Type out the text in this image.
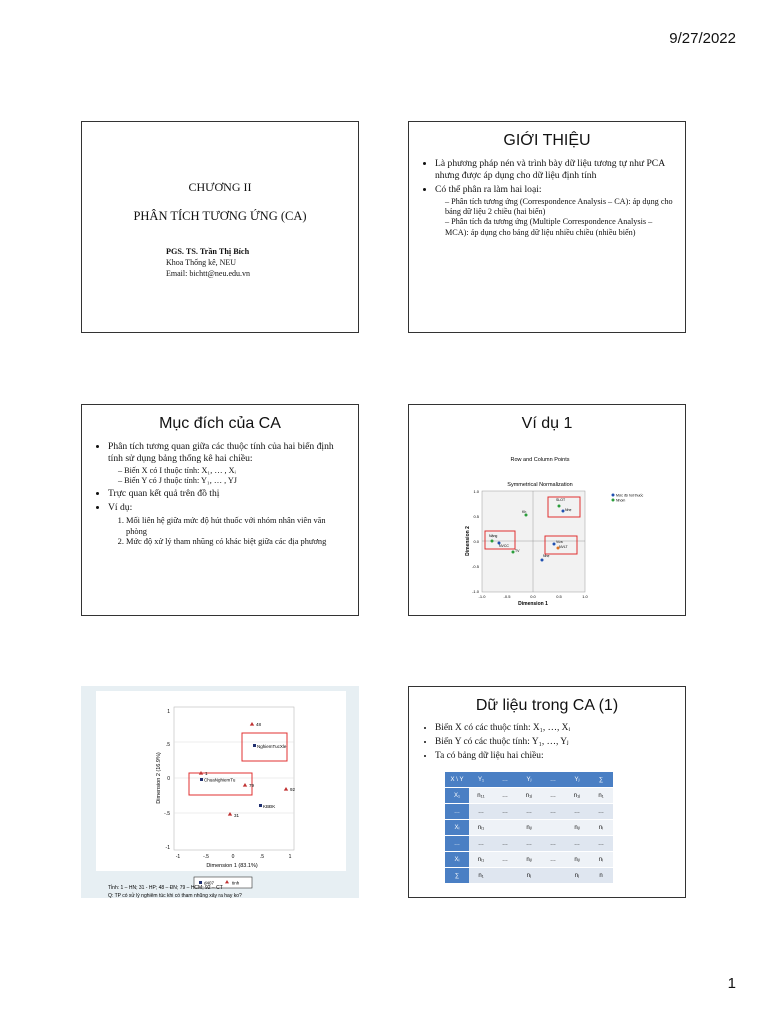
9/27/2022
CHƯƠNG II
PHÂN TÍCH TƯƠNG ỨNG (CA)
PGS. TS. Trần Thị Bích
Khoa Thống kê, NEU
Email: bichtt@neu.edu.vn
GIỚI THIỆU
• Là phương pháp nén và trình bày dữ liệu tương tự như PCA nhưng được áp dụng cho dữ liệu định tính
• Có thể phân ra làm hai loại:
– Phân tích tương ứng (Correspondence Analysis – CA): áp dụng cho bảng dữ liệu 2 chiều (hai biến)
– Phân tích đa tương ứng (Multiple Correspondence Analysis – MCA): áp dụng cho bảng dữ liệu nhiều chiều (nhiều biến)
Mục đích của CA
• Phân tích tương quan giữa các thuộc tính của hai biến định tính sử dụng bảng thống kê hai chiều:
– Biến X có I thuộc tính: X₁, … , Xᵢ
– Biến Y có J thuộc tính: Y₁, … , YJ
• Trực quan kết quả trên đồ thị
• Ví dụ:
1. Mối liên hệ giữa mức độ hút thuốc với nhóm nhân viên văn phòng
2. Mức độ xử lý tham nhũng có khác biệt giữa các địa phương
Ví dụ 1
Row and Column Points
Symmetrical Normalization
-1.0	-0.5	0.0	0.5	1.0
1.0
0.5
0.0
-0.5
-1.0
Dimension 1
Dimension 2
SLOT
Nhẹ
Kh
Nặng
NVCC
TV
Vừa
NVLT
Nhẹ
Mức độ hút thuốc
Nhóm
-1	-.5	0	.5	1
1
.5
0
-.5
-1
Dimension 1 (83.1%)
Dimension 2 (16.9%)
48
NghiemTucXle
1
ChuaNghiemTu
79
92
KBĐK
31
d407	tinh
Tỉnh: 1 – HN; 31 - HP; 48 – ĐN; 79 – HCM; 92 – CT
Q: TP có xử lý nghiêm túc khi có tham nhũng xảy ra hay ko?
Dữ liệu trong CA (1)
• Biến X có các thuộc tính: X₁, …, Xᵢ
• Biến Y có các thuộc tính: Y₁, …, Yⱼ
• Ta có bảng dữ liệu hai chiều:
X \ Y	Y₁	…	Yⱼ	…	Yⱼ	∑
X₁	n₁₁	…	n₁ⱼ	…	n₁ⱼ	n₁
…	…	…	…	…	…	…
Xᵢ	nᵢ₁		nᵢⱼ		nᵢⱼ	nᵢ
…	…	…	…	…	…	…
Xᵢ	nᵢ₁	…	nᵢⱼ	…	nᵢⱼ	nᵢ
∑	n₁		nⱼ		nⱼ	n
1
